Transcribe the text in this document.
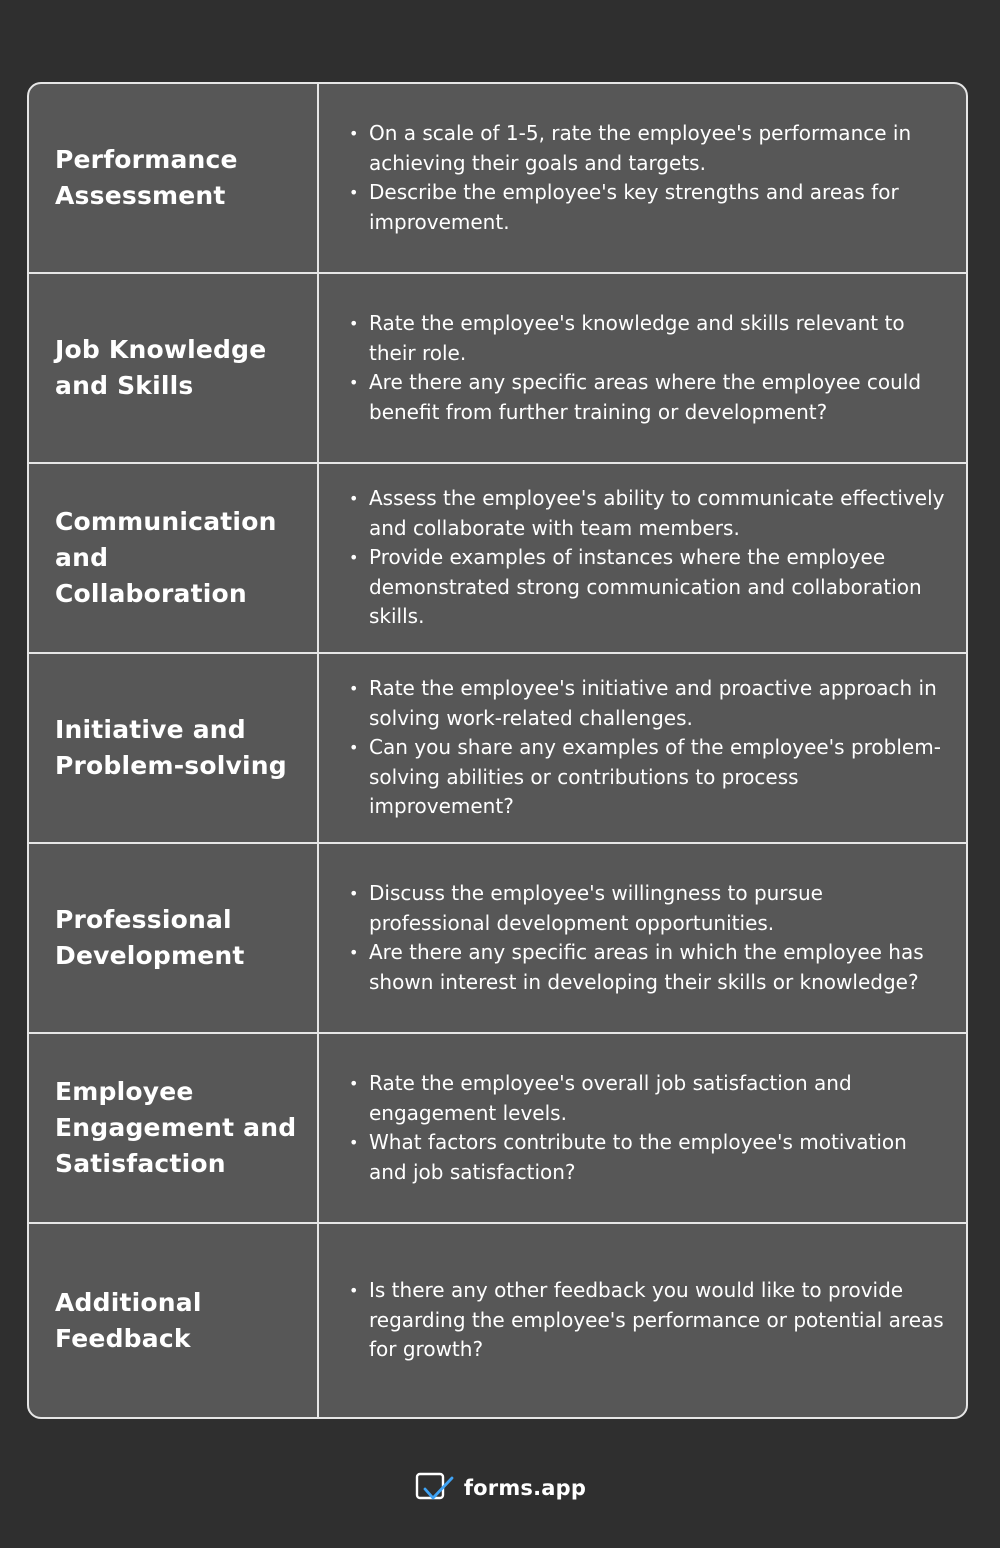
Performance
Assessment
• On a scale of 1-5, rate the employee's performance in achieving their goals and targets.
• Describe the employee's key strengths and areas for improvement.
Job Knowledge
and Skills
• Rate the employee's knowledge and skills relevant to their role.
• Are there any specific areas where the employee could benefit from further training or development?
Communication
and Collaboration
• Assess the employee's ability to communicate effectively and collaborate with team members.
• Provide examples of instances where the employee demonstrated strong communication and collaboration skills.
Initiative and
Problem-solving
• Rate the employee's initiative and proactive approach in solving work-related challenges.
• Can you share any examples of the employee's problem-solving abilities or contributions to process improvement?
Professional
Development
• Discuss the employee's willingness to pursue professional development opportunities.
• Are there any specific areas in which the employee has shown interest in developing their skills or knowledge?
Employee
Engagement and
Satisfaction
• Rate the employee's overall job satisfaction and engagement levels.
• What factors contribute to the employee's motivation and job satisfaction?
Additional
Feedback
• Is there any other feedback you would like to provide regarding the employee's performance or potential areas for growth?
forms.app
